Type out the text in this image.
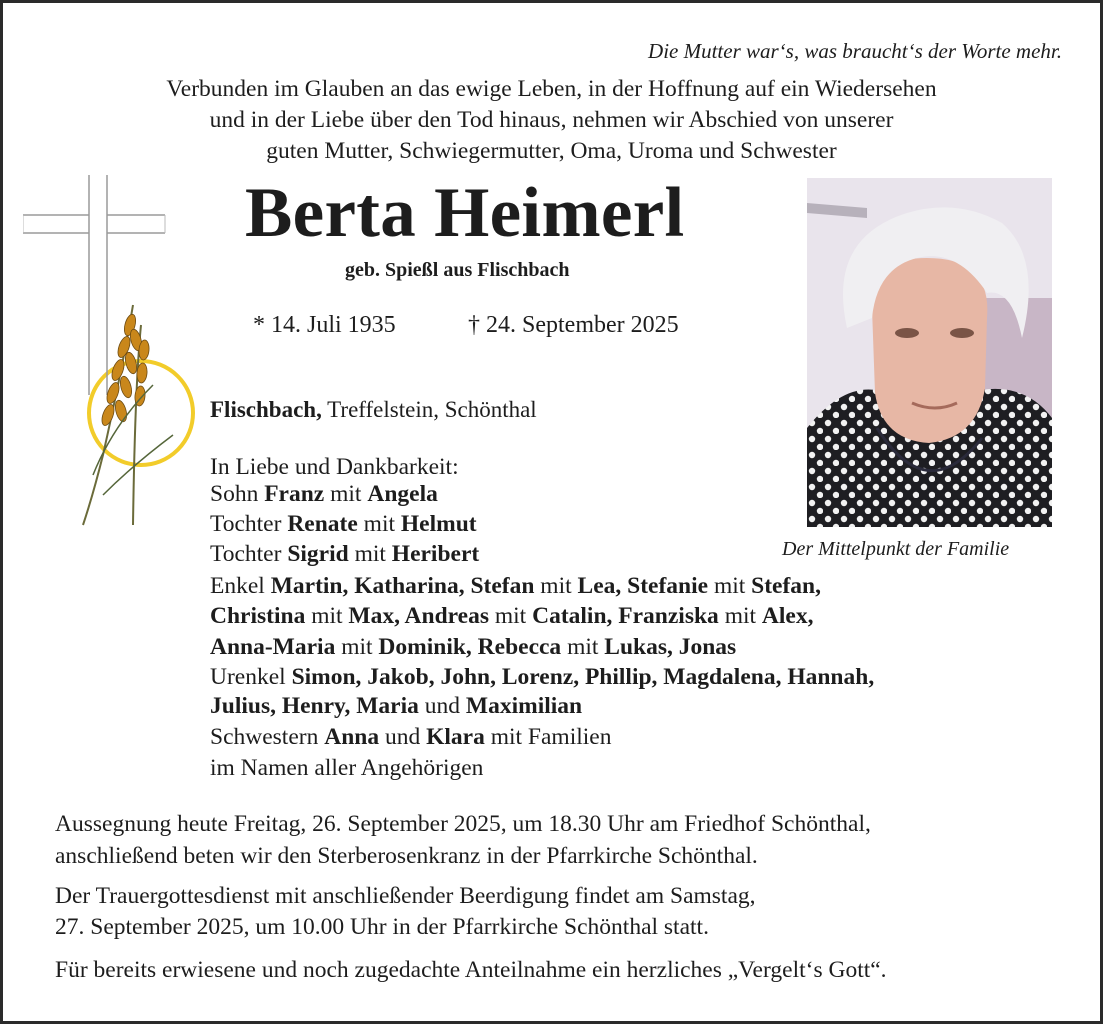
Die Mutter war‘s, was braucht‘s der Worte mehr.
Verbunden im Glauben an das ewige Leben, in der Hoffnung auf ein Wiedersehen
und in der Liebe über den Tod hinaus, nehmen wir Abschied von unserer
guten Mutter, Schwiegermutter, Oma, Uroma und Schwester
Berta Heimerl
geb. Spießl aus Flischbach
* 14. Juli 1935	† 24. September 2025
Flischbach, Treffelstein, Schönthal
In Liebe und Dankbarkeit:
Sohn Franz mit Angela
Tochter Renate mit Helmut
Tochter Sigrid mit Heribert
Enkel Martin, Katharina, Stefan mit Lea, Stefanie mit Stefan,
Christina mit Max, Andreas mit Catalin, Franziska mit Alex,
Anna-Maria mit Dominik, Rebecca mit Lukas, Jonas
Urenkel Simon, Jakob, John, Lorenz, Phillip, Magdalena, Hannah,
Julius, Henry, Maria und Maximilian
Schwestern Anna und Klara mit Familien
im Namen aller Angehörigen
Der Mittelpunkt der Familie
Aussegnung heute Freitag, 26. September 2025, um 18.30 Uhr am Friedhof Schönthal,
anschließend beten wir den Sterberosenkranz in der Pfarrkirche Schönthal.
Der Trauergottesdienst mit anschließender Beerdigung findet am Samstag,
27. September 2025, um 10.00 Uhr in der Pfarrkirche Schönthal statt.
Für bereits erwiesene und noch zugedachte Anteilnahme ein herzliches „Vergelt‘s Gott“.
